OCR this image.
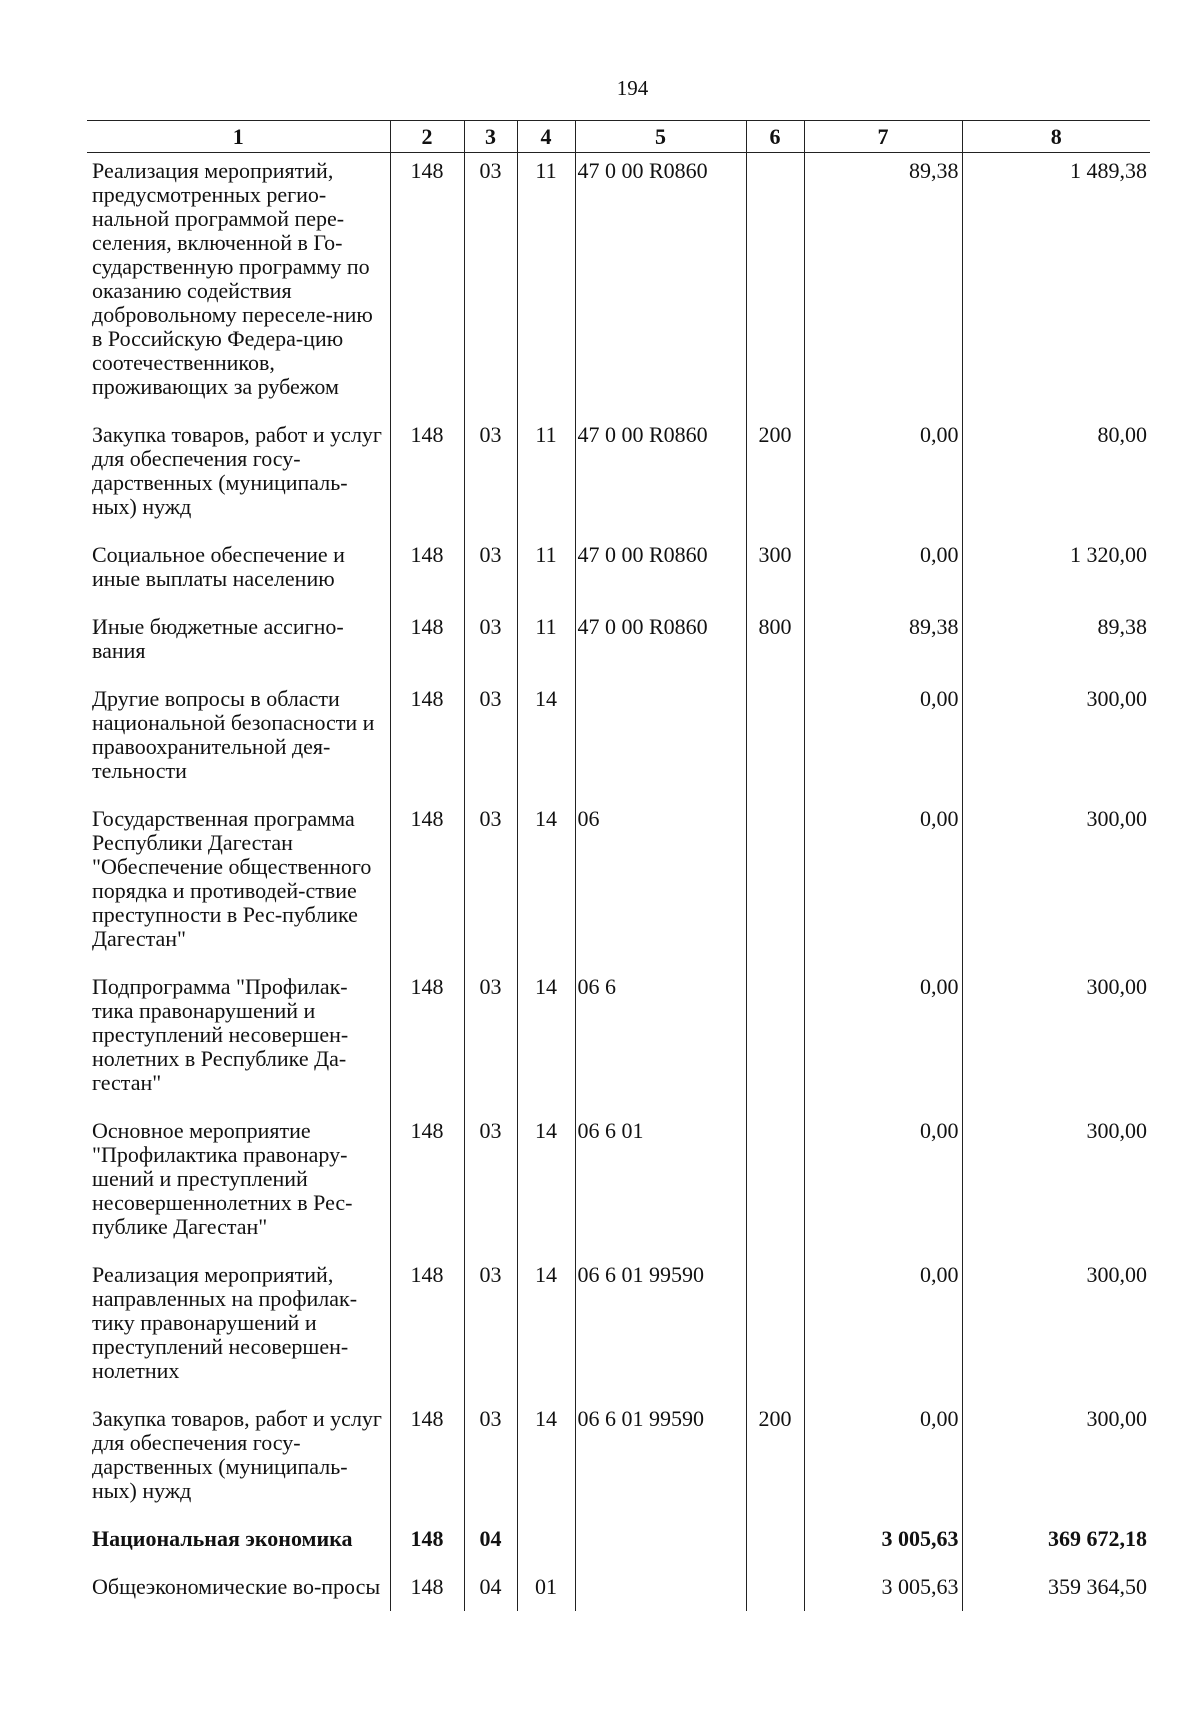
194
1	2	3	4	5	6	7	8
Реализация мероприятий, предусмотренных регио-нальной программой пере-селения, включенной в Го-сударственную программу по оказанию содействия добровольному переселе-нию в Российскую Федера-цию соотечественников, проживающих за рубежом	148	03	11	47 0 00 R0860		89,38	1 489,38
Закупка товаров, работ и услуг для обеспечения госу-дарственных (муниципаль-ных) нужд	148	03	11	47 0 00 R0860	200	0,00	80,00
Социальное обеспечение и иные выплаты населению	148	03	11	47 0 00 R0860	300	0,00	1 320,00
Иные бюджетные ассигно-вания	148	03	11	47 0 00 R0860	800	89,38	89,38
Другие вопросы в области национальной безопасности и правоохранительной дея-тельности	148	03	14			0,00	300,00
Государственная программа Республики Дагестан "Обеспечение общественного порядка и противодей-ствие преступности в Рес-публике Дагестан"	148	03	14	06		0,00	300,00
Подпрограмма "Профилак-тика правонарушений и преступлений несовершен-нолетних в Республике Да-гестан"	148	03	14	06 6		0,00	300,00
Основное мероприятие "Профилактика правонару-шений и преступлений несовершеннолетних в Рес-публике Дагестан"	148	03	14	06 6 01		0,00	300,00
Реализация мероприятий, направленных на профилак-тику правонарушений и преступлений несовершен-нолетних	148	03	14	06 6 01 99590		0,00	300,00
Закупка товаров, работ и услуг для обеспечения госу-дарственных (муниципаль-ных) нужд	148	03	14	06 6 01 99590	200	0,00	300,00
Национальная экономика	148	04				3 005,63	369 672,18
Общеэкономические во-просы	148	04	01			3 005,63	359 364,50
